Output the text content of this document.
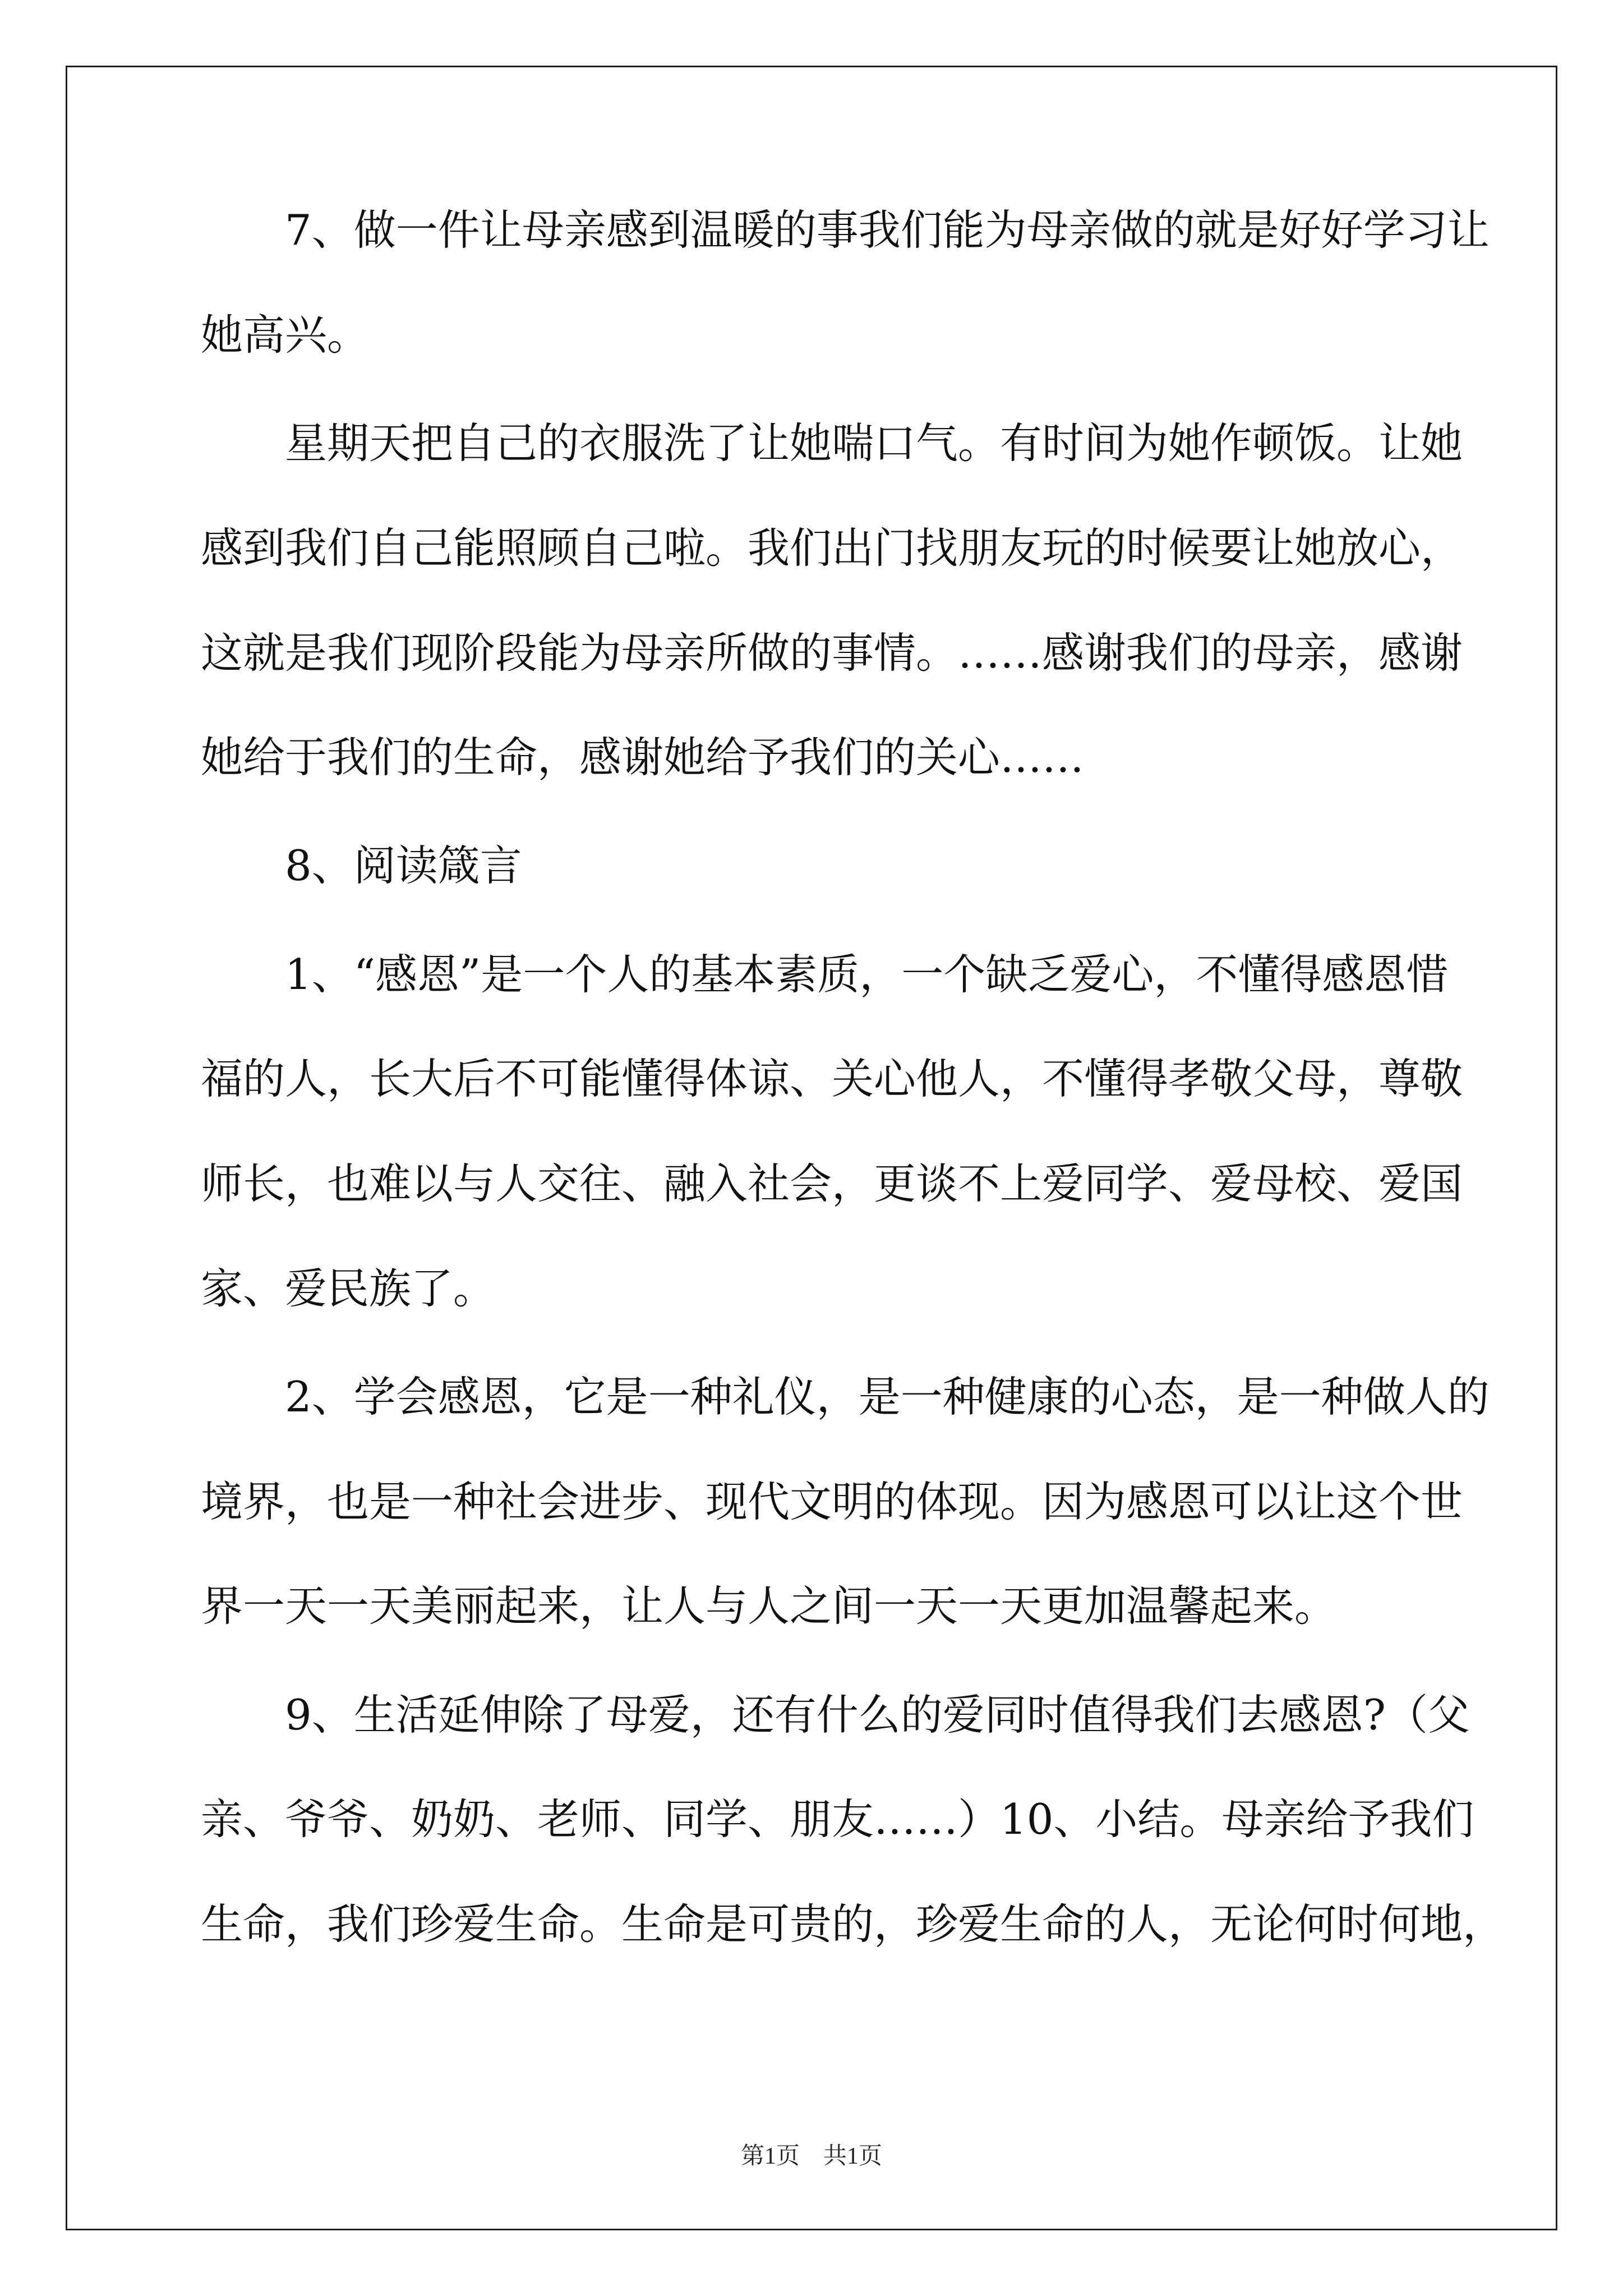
　　7、做一件让母亲感到温暖的事我们能为母亲做的就是好好学习让
她高兴。
　　星期天把自己的衣服洗了让她喘口气。有时间为她作顿饭。让她
感到我们自己能照顾自己啦。我们出门找朋友玩的时候要让她放心，
这就是我们现阶段能为母亲所做的事情。……感谢我们的母亲，感谢
她给于我们的生命，感谢她给予我们的关心……
　　8、阅读箴言
　　1、“感恩”是一个人的基本素质，一个缺乏爱心，不懂得感恩惜
福的人，长大后不可能懂得体谅、关心他人，不懂得孝敬父母，尊敬
师长，也难以与人交往、融入社会，更谈不上爱同学、爱母校、爱国
家、爱民族了。
　　2、学会感恩，它是一种礼仪，是一种健康的心态，是一种做人的
境界，也是一种社会进步、现代文明的体现。因为感恩可以让这个世
界一天一天美丽起来，让人与人之间一天一天更加温馨起来。
　　9、生活延伸除了母爱，还有什么的爱同时值得我们去感恩?（父
亲、爷爷、奶奶、老师、同学、朋友……）10、小结。母亲给予我们
生命，我们珍爱生命。生命是可贵的，珍爱生命的人，无论何时何地，
第1页 共1页
